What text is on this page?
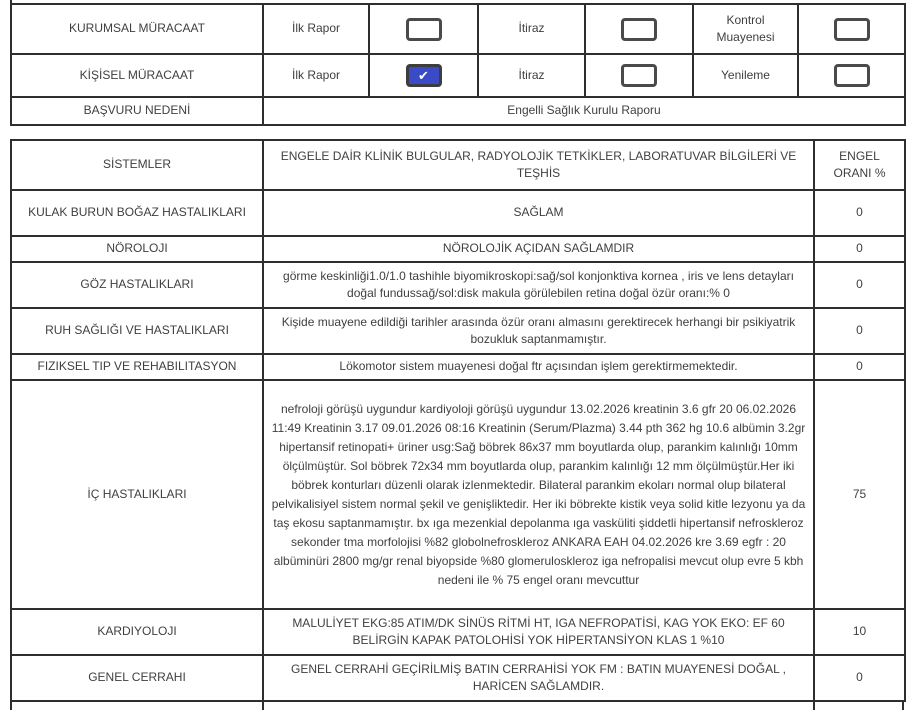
KURUMSAL MÜRACAAT	İlk Rapor		İtiraz		Kontrol Muayenesi	

KİŞİSEL MÜRACAAT	İlk Rapor	✔	İtiraz		Yenileme	

BAŞVURU NEDENİ	Engelli Sağlık Kurulu Raporu					
SİSTEMLER	ENGELE DAİR KLİNİK BULGULAR, RADYOLOJİK TETKİKLER, LABORATUVAR BİLGİLERİ VE TEŞHİS	ENGEL ORANI %
KULAK BURUN BOĞAZ HASTALIKLARI	SAĞLAM	0
NÖROLOJI	NÖROLOJİK AÇIDAN SAĞLAMDIR	0
GÖZ HASTALIKLARI	görme keskinliği1.0/1.0 tashihle biyomikroskopi:sağ/sol konjonktiva kornea , iris ve lens detayları doğal fundussağ/sol:disk makula görülebilen retina doğal özür oranı:% 0	0
RUH SAĞLIĞI VE HASTALIKLARI	Kişide muayene edildiği tarihler arasında özür oranı almasını gerektirecek herhangi bir psikiyatrik bozukluk saptanmamıştır.	0
FIZIKSEL TIP VE REHABILITASYON	Lökomotor sistem muayenesi doğal ftr açısından işlem gerektirmemektedir.	0
İÇ HASTALIKLARI	nefroloji görüşü uygundur kardiyoloji görüşü uygundur 13.02.2026 kreatinin 3.6 gfr 20 06.02.2026 11:49 Kreatinin 3.17 09.01.2026 08:16 Kreatinin (Serum/Plazma) 3.44 pth 362 hg 10.6 albümin 3.2gr hipertansif retinopati+ üriner usg:Sağ böbrek 86x37 mm boyutlarda olup, parankim kalınlığı 10mm ölçülmüştür. Sol böbrek 72x34 mm boyutlarda olup, parankim kalınlığı 12 mm ölçülmüştür.Her iki böbrek konturları düzenli olarak izlenmektedir. Bilateral parankim ekoları normal olup bilateral pelvikalisiyel sistem normal şekil ve genişliktedir. Her iki böbrekte kistik veya solid kitle lezyonu ya da taş ekosu saptanmamıştır. bx ıga mezenkial depolanma ıga vasküliti şiddetli hipertansif nefroskleroz sekonder tma morfolojisi %82 globolnefroskleroz ANKARA EAH 04.02.2026 kre 3.69 egfr : 20 albüminüri 2800 mg/gr renal biyopside %80 glomeruloskleroz iga nefropalisi mevcut olup evre 5 kbh nedeni ile % 75 engel oranı mevcuttur	75
KARDIYOLOJI	MALULİYET EKG:85 ATIM/DK SİNÜS RİTMİ HT, IGA NEFROPATİSİ, KAG YOK EKO: EF 60 BELİRGİN KAPAK PATOLOHİSİ YOK HİPERTANSİYON KLAS 1 %10	10
GENEL CERRAHI	GENEL CERRAHİ GEÇİRİLMİŞ BATIN CERRAHİSİ YOK FM : BATIN MUAYENESİ DOĞAL , HARİCEN SAĞLAMDIR.	0
